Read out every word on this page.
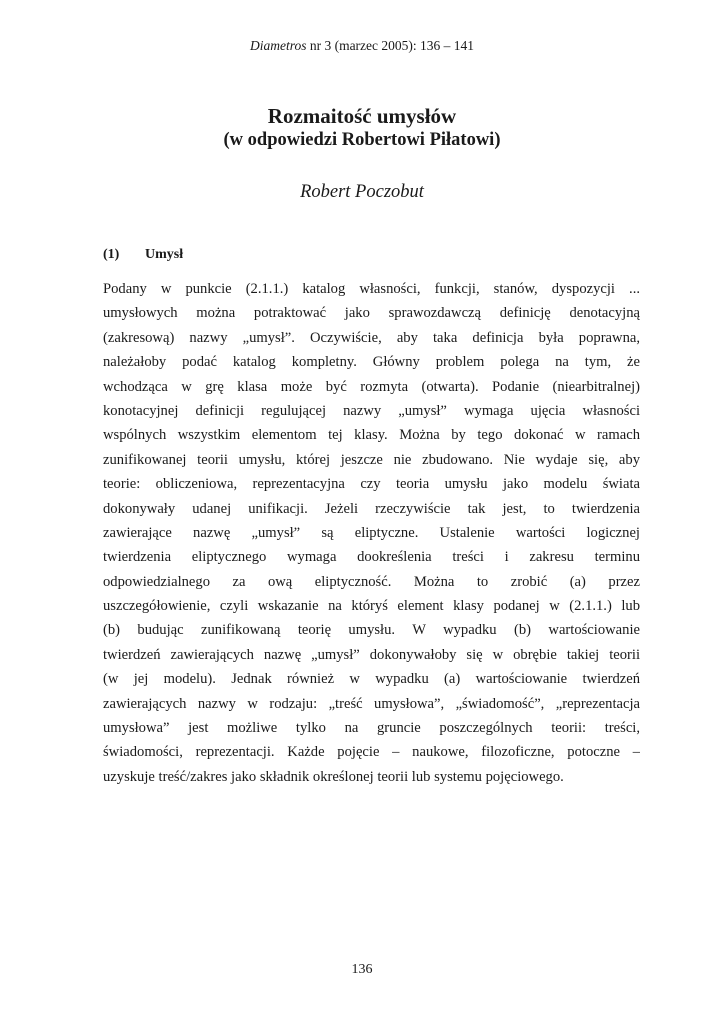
Diametros nr 3 (marzec 2005): 136 – 141
Rozmaitość umysłów
(w odpowiedzi Robertowi Piłatowi)
Robert Poczobut
(1) Umysł
Podany w punkcie (2.1.1.) katalog własności, funkcji, stanów, dyspozycji ...
umysłowych można potraktować jako sprawozdawczą definicję denotacyjną
(zakresową) nazwy „umysł”. Oczywiście, aby taka definicja była poprawna,
należałoby podać katalog kompletny. Główny problem polega na tym, że
wchodząca w grę klasa może być rozmyta (otwarta). Podanie (niearbitralnej)
konotacyjnej definicji regulującej nazwy „umysł” wymaga ujęcia własności
wspólnych wszystkim elementom tej klasy. Można by tego dokonać w ramach
zunifikowanej teorii umysłu, której jeszcze nie zbudowano. Nie wydaje się, aby
teorie: obliczeniowa, reprezentacyjna czy teoria umysłu jako modelu świata
dokonywały udanej unifikacji. Jeżeli rzeczywiście tak jest, to twierdzenia
zawierające nazwę „umysł” są eliptyczne. Ustalenie wartości logicznej
twierdzenia eliptycznego wymaga dookreślenia treści i zakresu terminu
odpowiedzialnego za ową eliptyczność. Można to zrobić (a) przez
uszczegółowienie, czyli wskazanie na któryś element klasy podanej w (2.1.1.) lub
(b) budując zunifikowaną teorię umysłu. W wypadku (b) wartościowanie
twierdzeń zawierających nazwę „umysł” dokonywałoby się w obrębie takiej teorii
(w jej modelu). Jednak również w wypadku (a) wartościowanie twierdzeń
zawierających nazwy w rodzaju: „treść umysłowa”, „świadomość”, „reprezentacja
umysłowa” jest możliwe tylko na gruncie poszczególnych teorii: treści,
świadomości, reprezentacji. Każde pojęcie – naukowe, filozoficzne, potoczne –
uzyskuje treść/zakres jako składnik określonej teorii lub systemu pojęciowego.
136
